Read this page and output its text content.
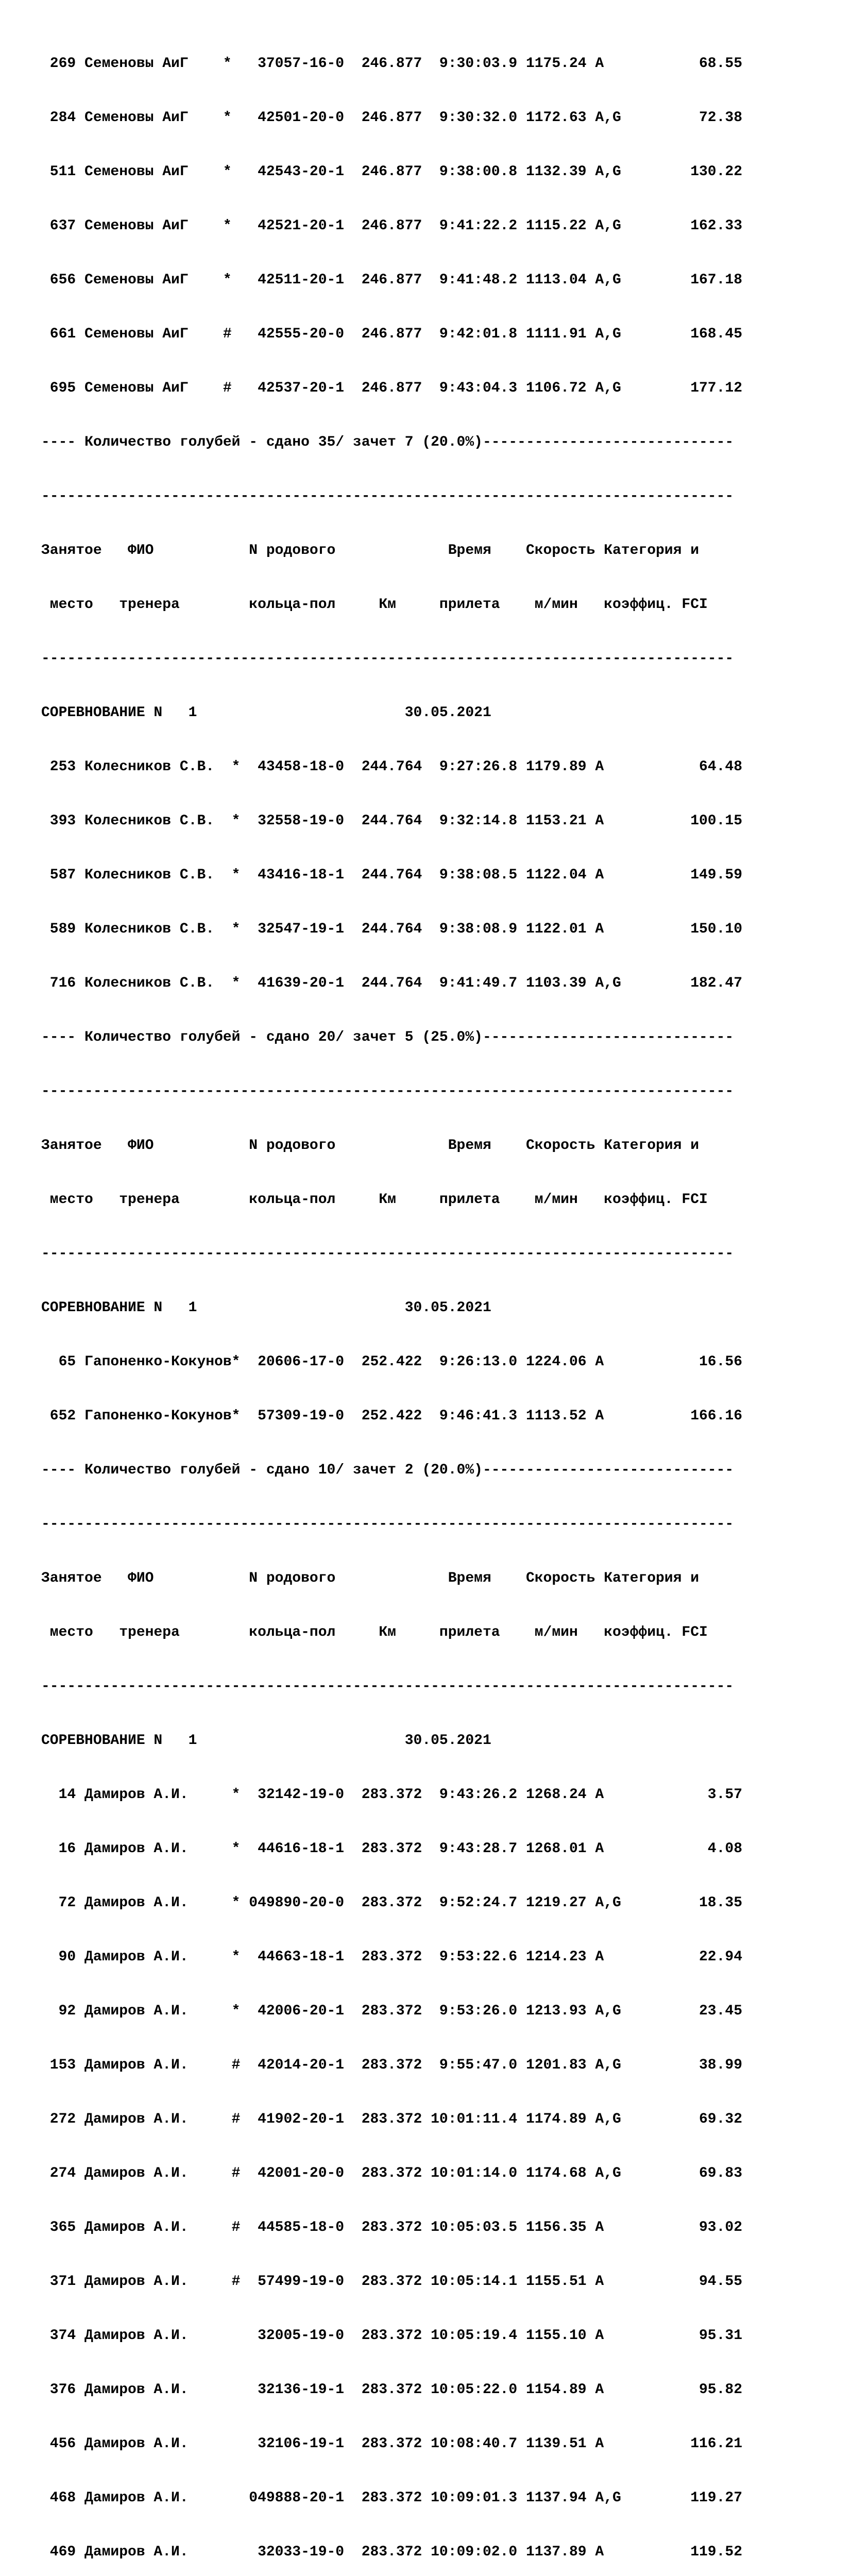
269 Семеновы АиГ    *   37057-16-0  246.877  9:30:03.9 1175.24 A           68.55

284 Семеновы АиГ    *   42501-20-0  246.877  9:30:32.0 1172.63 A,G         72.38

511 Семеновы АиГ    *   42543-20-1  246.877  9:38:00.8 1132.39 A,G        130.22

637 Семеновы АиГ    *   42521-20-1  246.877  9:41:22.2 1115.22 A,G        162.33

656 Семеновы АиГ    *   42511-20-1  246.877  9:41:48.2 1113.04 A,G        167.18

661 Семеновы АиГ    #   42555-20-0  246.877  9:42:01.8 1111.91 A,G        168.45

695 Семеновы АиГ    #   42537-20-1  246.877  9:43:04.3 1106.72 A,G        177.12

---- Количество голубей - сдано 35/ зачет 7 (20.0%)-----------------------------

--------------------------------------------------------------------------------

Занятое   ФИО           N родового             Время    Скорость Категория и

место   тренера        кольца-пол     Км     прилета    м/мин   коэффиц. FCI

--------------------------------------------------------------------------------

СОРЕВНОВАНИЕ N   1                        30.05.2021

253 Колесников С.В.  *  43458-18-0  244.764  9:27:26.8 1179.89 A           64.48

393 Колесников С.В.  *  32558-19-0  244.764  9:32:14.8 1153.21 A          100.15

587 Колесников С.В.  *  43416-18-1  244.764  9:38:08.5 1122.04 A          149.59

589 Колесников С.В.  *  32547-19-1  244.764  9:38:08.9 1122.01 A          150.10

716 Колесников С.В.  *  41639-20-1  244.764  9:41:49.7 1103.39 A,G        182.47

---- Количество голубей - сдано 20/ зачет 5 (25.0%)-----------------------------

--------------------------------------------------------------------------------

Занятое   ФИО           N родового             Время    Скорость Категория и

место   тренера        кольца-пол     Км     прилета    м/мин   коэффиц. FCI

--------------------------------------------------------------------------------

СОРЕВНОВАНИЕ N   1                        30.05.2021

65 Гапоненко-Кокунов*  20606-17-0  252.422  9:26:13.0 1224.06 A           16.56

652 Гапоненко-Кокунов*  57309-19-0  252.422  9:46:41.3 1113.52 A          166.16

---- Количество голубей - сдано 10/ зачет 2 (20.0%)-----------------------------

--------------------------------------------------------------------------------

Занятое   ФИО           N родового             Время    Скорость Категория и

место   тренера        кольца-пол     Км     прилета    м/мин   коэффиц. FCI

--------------------------------------------------------------------------------

СОРЕВНОВАНИЕ N   1                        30.05.2021

14 Дамиров А.И.     *  32142-19-0  283.372  9:43:26.2 1268.24 A            3.57

16 Дамиров А.И.     *  44616-18-1  283.372  9:43:28.7 1268.01 A            4.08

72 Дамиров А.И.     * 049890-20-0  283.372  9:52:24.7 1219.27 A,G         18.35

90 Дамиров А.И.     *  44663-18-1  283.372  9:53:22.6 1214.23 A           22.94

92 Дамиров А.И.     *  42006-20-1  283.372  9:53:26.0 1213.93 A,G         23.45

153 Дамиров А.И.     #  42014-20-1  283.372  9:55:47.0 1201.83 A,G         38.99

272 Дамиров А.И.     #  41902-20-1  283.372 10:01:11.4 1174.89 A,G         69.32

274 Дамиров А.И.     #  42001-20-0  283.372 10:01:14.0 1174.68 A,G         69.83

365 Дамиров А.И.     #  44585-18-0  283.372 10:05:03.5 1156.35 A           93.02

371 Дамиров А.И.     #  57499-19-0  283.372 10:05:14.1 1155.51 A           94.55

374 Дамиров А.И.        32005-19-0  283.372 10:05:19.4 1155.10 A           95.31

376 Дамиров А.И.        32136-19-1  283.372 10:05:22.0 1154.89 A           95.82

456 Дамиров А.И.        32106-19-1  283.372 10:08:40.7 1139.51 A          116.21

468 Дамиров А.И.       049888-20-1  283.372 10:09:01.3 1137.94 A,G        119.27

469 Дамиров А.И.        32033-19-0  283.372 10:09:02.0 1137.89 A          119.52
